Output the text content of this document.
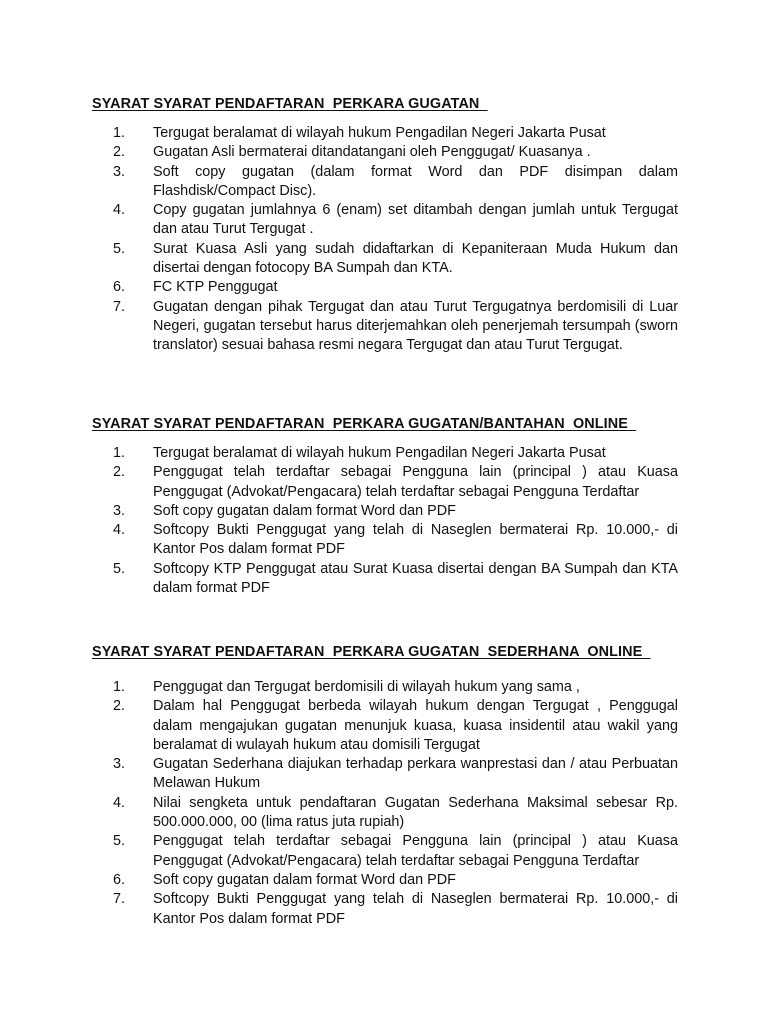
SYARAT SYARAT PENDAFTARAN  PERKARA GUGATAN
1. Tergugat beralamat di wilayah hukum Pengadilan Negeri Jakarta Pusat
2. Gugatan Asli bermaterai ditandatangani oleh Penggugat/ Kuasanya .
3. Soft copy gugatan (dalam format Word dan PDF disimpan dalam Flashdisk/Compact Disc).
4. Copy gugatan jumlahnya 6 (enam) set ditambah dengan jumlah untuk Tergugat dan atau Turut Tergugat .
5. Surat Kuasa Asli yang sudah didaftarkan di Kepaniteraan Muda Hukum dan disertai dengan fotocopy BA Sumpah dan KTA.
6. FC KTP Penggugat
7. Gugatan dengan pihak Tergugat dan atau Turut Tergugatnya berdomisili di Luar Negeri, gugatan tersebut harus diterjemahkan oleh penerjemah tersumpah (sworn translator) sesuai bahasa resmi negara Tergugat dan atau Turut Tergugat.
SYARAT SYARAT PENDAFTARAN  PERKARA GUGATAN/BANTAHAN  ONLINE
1. Tergugat beralamat di wilayah hukum Pengadilan Negeri Jakarta Pusat
2. Penggugat telah terdaftar sebagai Pengguna lain (principal ) atau Kuasa Penggugat (Advokat/Pengacara) telah terdaftar sebagai Pengguna Terdaftar
3. Soft copy gugatan dalam format Word dan PDF
4. Softcopy Bukti Penggugat yang telah di Naseglen bermaterai Rp. 10.000,- di Kantor Pos dalam format PDF
5. Softcopy KTP Penggugat atau Surat Kuasa disertai dengan BA Sumpah dan KTA dalam format PDF
SYARAT SYARAT PENDAFTARAN  PERKARA GUGATAN  SEDERHANA  ONLINE
1. Penggugat dan Tergugat berdomisili di wilayah hukum yang sama ,
2. Dalam hal Penggugat berbeda wilayah hukum dengan Tergugat , Penggugal dalam mengajukan gugatan menunjuk kuasa, kuasa insidentil atau wakil yang beralamat di wulayah hukum atau domisili Tergugat
3. Gugatan Sederhana diajukan terhadap perkara wanprestasi dan / atau Perbuatan Melawan Hukum
4. Nilai sengketa untuk pendaftaran Gugatan Sederhana Maksimal sebesar Rp. 500.000.000, 00 (lima ratus juta rupiah)
5. Penggugat telah terdaftar sebagai Pengguna lain (principal ) atau Kuasa Penggugat (Advokat/Pengacara) telah terdaftar sebagai Pengguna Terdaftar
6. Soft copy gugatan dalam format Word dan PDF
7. Softcopy Bukti Penggugat yang telah di Naseglen bermaterai Rp. 10.000,- di Kantor Pos dalam format PDF
